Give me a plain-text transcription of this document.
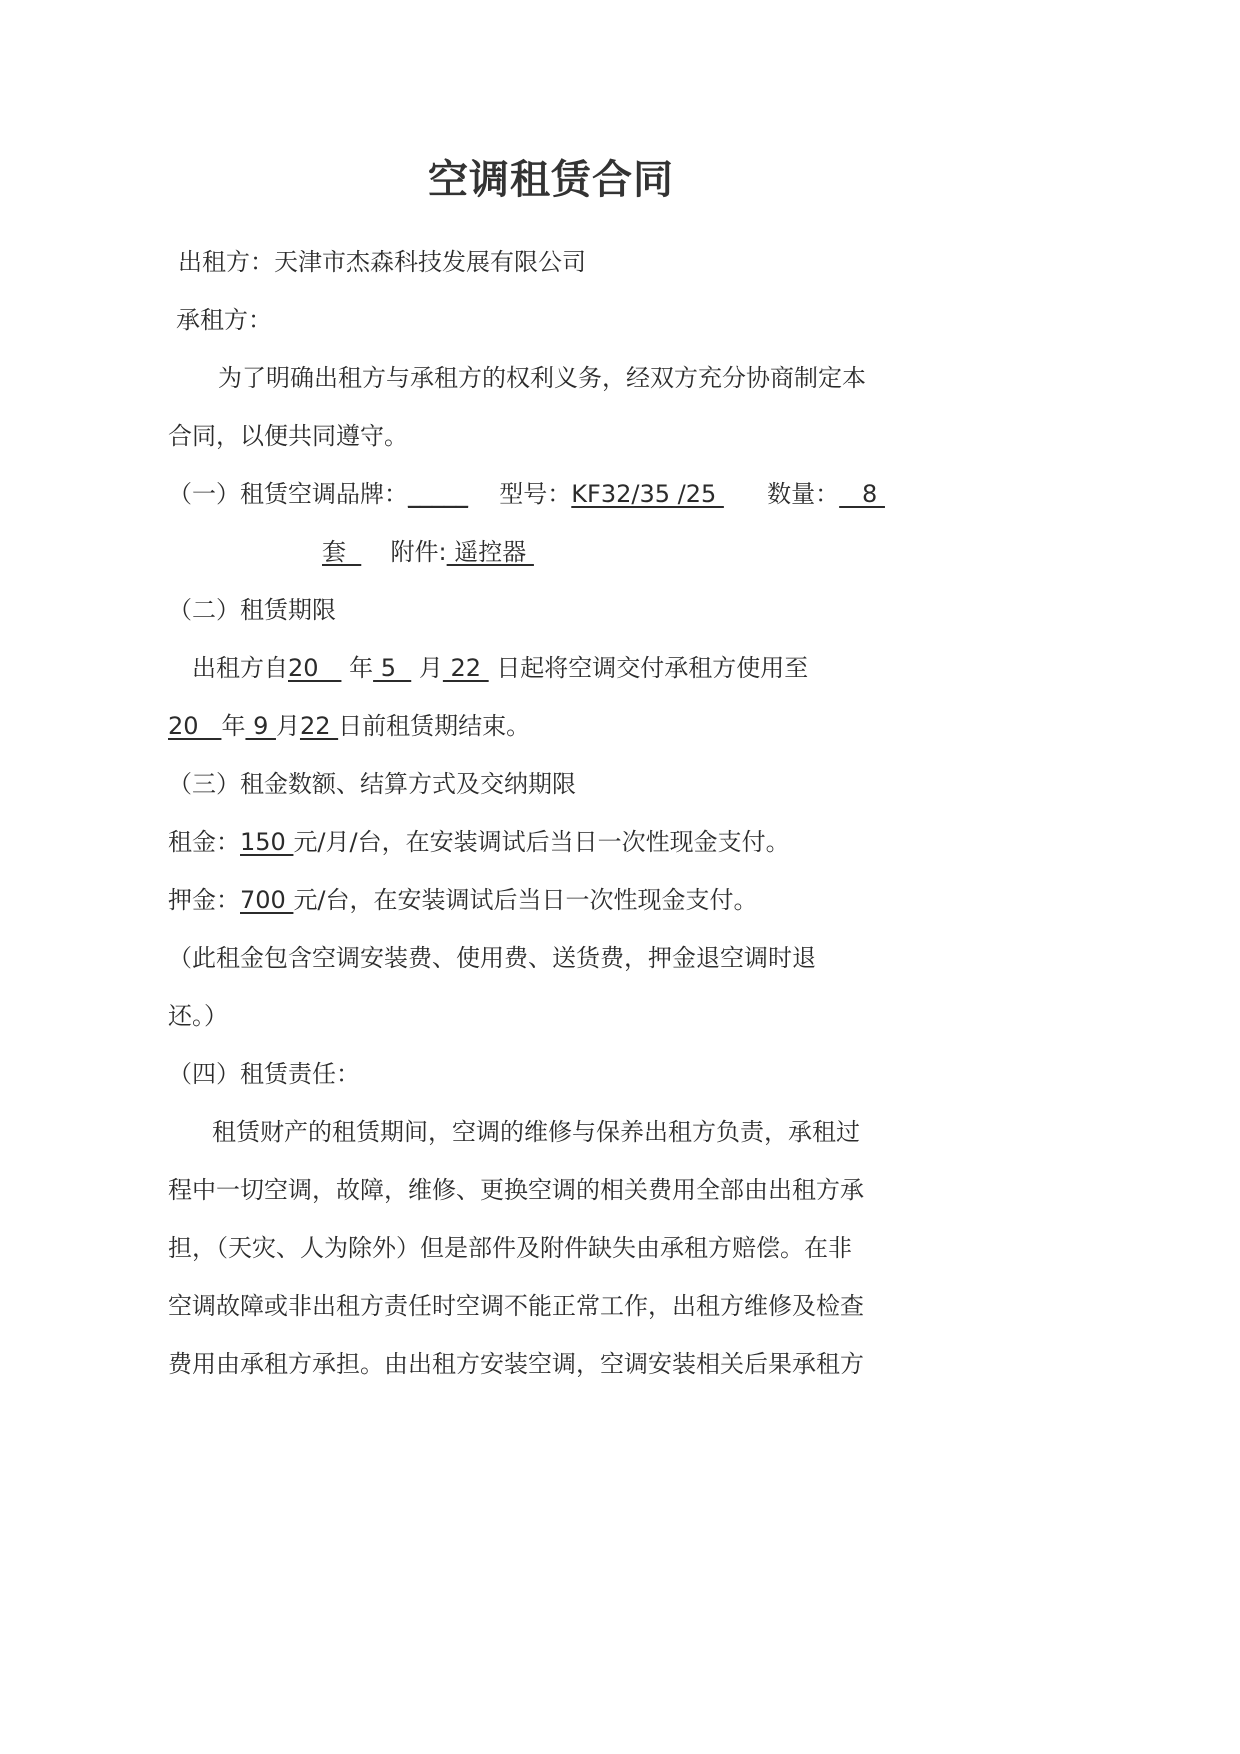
空调租赁合同
出租方：天津市杰森科技发展有限公司
承租方：
为了明确出租方与承租方的权利义务，经双方充分协商制定本
合同，以便共同遵守。
（一）租赁空调品牌：_____ 型号：KF32/35 /25   数量：   8
套    附件: 遥控器
（二）租赁期限
出租方自20    年 5   月 22  日起将空调交付承租方使用至
20   年 9 月22 日前租赁期结束。
（三）租金数额、结算方式及交纳期限
租金：150 元/月/台，在安装调试后当日一次性现金支付。
押金：700 元/台，在安装调试后当日一次性现金支付。
（此租金包含空调安装费、使用费、送货费，押金退空调时退
还。）
（四）租赁责任：
租赁财产的租赁期间，空调的维修与保养出租方负责，承租过
程中一切空调，故障，维修、更换空调的相关费用全部由出租方承
担，（天灾、人为除外）但是部件及附件缺失由承租方赔偿。在非
空调故障或非出租方责任时空调不能正常工作，出租方维修及检查
费用由承租方承担。由出租方安装空调，空调安装相关后果承租方
